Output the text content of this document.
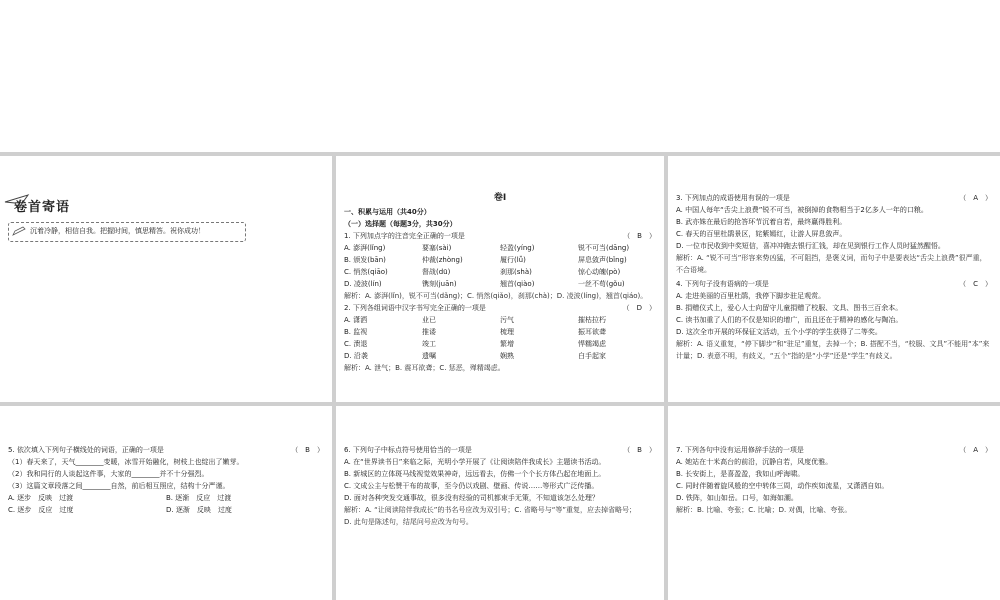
卷首寄语
沉着冷静，相信自我。把握时间，慎思精答。祝你成功！
卷Ⅰ
一、积累与运用（共40分）
（一）选择题（每题3分，共30分）
1. 下列加点字的注音完全正确的一项是	（　B　）
A. 澎湃(lǐng)	要塞(sài)	轻盈(yíng)	锐不可当(dāng)
B. 颁发(bān)	仲裁(zhòng)	履行(lǚ)	屏息敛声(bǐng)
C. 悄然(qiāo)	督战(dū)	刹那(shà)	惊心动魄(pò)
D. 凌波(lín)	镌刻(juān)	翘首(qiào)	一丝不苟(gǒu)
解析：A. 澎湃(lǐn)，锐不可当(dǎng)；C. 悄然(qiǎo)，刹那(chà)；D. 凌波(líng)，翘首(qiáo)。
2. 下列各组词语中汉字书写完全正确的一项是	（　D　）
A. 潇洒	业已	污气	摧枯拉朽
B. 监视	推诿	梳理	振耳欲聋
C. 溃退	竣工	繁增	悍糯竭虑
D. 沿袭	遗嘱	娴熟	白手起家
解析：A. 泄气；B. 震耳欲聋；C. 惩恶，殚精竭虑。
3. 下列加点的成语使用有误的一项是	（　A　）
A. 中国人每年“舌尖上浪费”锐不可当，被倒掉的食物相当于2亿多人一年的口粮。
B. 武亦姝在最后的抢答环节沉着自若，最终赢得胜利。
C. 春天的百里杜鹃景区，姹紫嫣红，让游人屏息敛声。
D. 一位市民收到中奖短信，喜冲冲跑去银行汇钱，却在见到银行工作人员时猛然醒悟。
解析：A. “锐不可当”形容来势凶猛，不可阻挡，是褒义词，而句子中是要表达“舌尖上浪费”很严重，不合语境。
4. 下列句子没有语病的一项是	（　C　）
A. 走进美丽的百里杜鹃，我停下脚步驻足观赏。
B. 捐赠仪式上，爱心人士向留守儿童捐赠了校服、文具、图书三百余本。
C. 读书加重了人们的不仅是知识的增广，而且还在于精神的感化与陶冶。
D. 这次全市开展的环保征文活动，五个小学的学生获得了二等奖。
解析：A. 语义重复，“停下脚步”和“驻足”重复，去掉一个；B. 搭配不当，“校服、文具”不能用“本”来计量；D. 表意不明，有歧义，“五个”指的是“小学”还是“学生”有歧义。
5. 依次填入下列句子横线处的词语，正确的一项是	（　B　）
（1）春天来了，天气________变暖，冰雪开始融化，树枝上也绽出了嫩芽。
（2）我和同行的人谈起这件事，大家的________并不十分强烈。
（3）这篇文章段落之间________自然，前后相互照应，结构十分严谨。
A. 逐步　反映　过渡	B. 逐渐　反应　过渡
C. 逐步　反应　过度	D. 逐渐　反映　过度
6. 下列句子中标点符号使用恰当的一项是	（　B　）
A. 在“世界读书日”来临之际，光明小学开展了《让阅读陪伴我成长》主题读书活动。
B. 新城区的立体斑马线视觉效果神奇，远远看去，仿佛一个个长方体凸起在地面上。
C. 文成公主与松赞干布的故事，至今仍以戏剧、壁画、传说……等形式广泛传播。
D. 面对各种突发交通事故，很多没有经验的司机都束手无策，不知道该怎么处理？
解析：A. “让阅读陪伴我成长”的书名号应改为双引号；C. 省略号与“等”重复，应去掉省略号；
D. 此句是陈述句，结尾问号应改为句号。
7. 下列各句中没有运用修辞手法的一项是	（　A　）
A. 她站在十米高台的前沿，沉静自若，风度优雅。
B. 长安街上，是喜盈盈，我如山呼海啸。
C. 同时伴随着旋风般的空中转体三周，动作疾如流星，又潇洒自如。
D. 铁阵，如山如岳。口号，如海如潮。
解析：B. 比喻、夸张；C. 比喻；D. 对偶，比喻、夸张。
